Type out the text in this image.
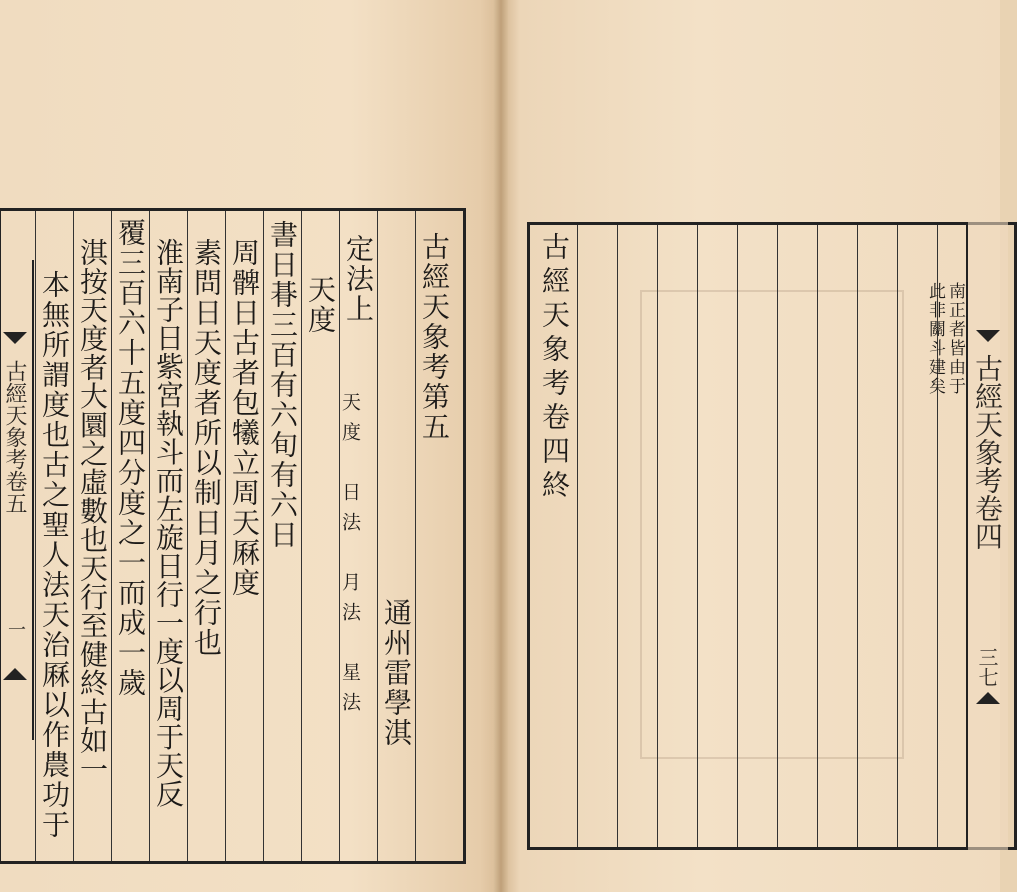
古經天象考卷五
一
古經天象考第五
通州雷學淇
定法上
天度　日法　月法　星法
天度
書日朞三百有六旬有六日
周髀日古者包犧立周天厤度
素問日天度者所以制日月之行也
淮南子日紫宮執斗而左旋日行一度以周于天反
覆三百六十五度四分度之一而成一歲
淇按天度者大圜之虛數也天行至健終古如一
本無所謂度也古之聖人法天治厤以作農功于	古經天象考卷四
三七
南正者皆由于
此非關斗建矣
古經天象考卷四終
